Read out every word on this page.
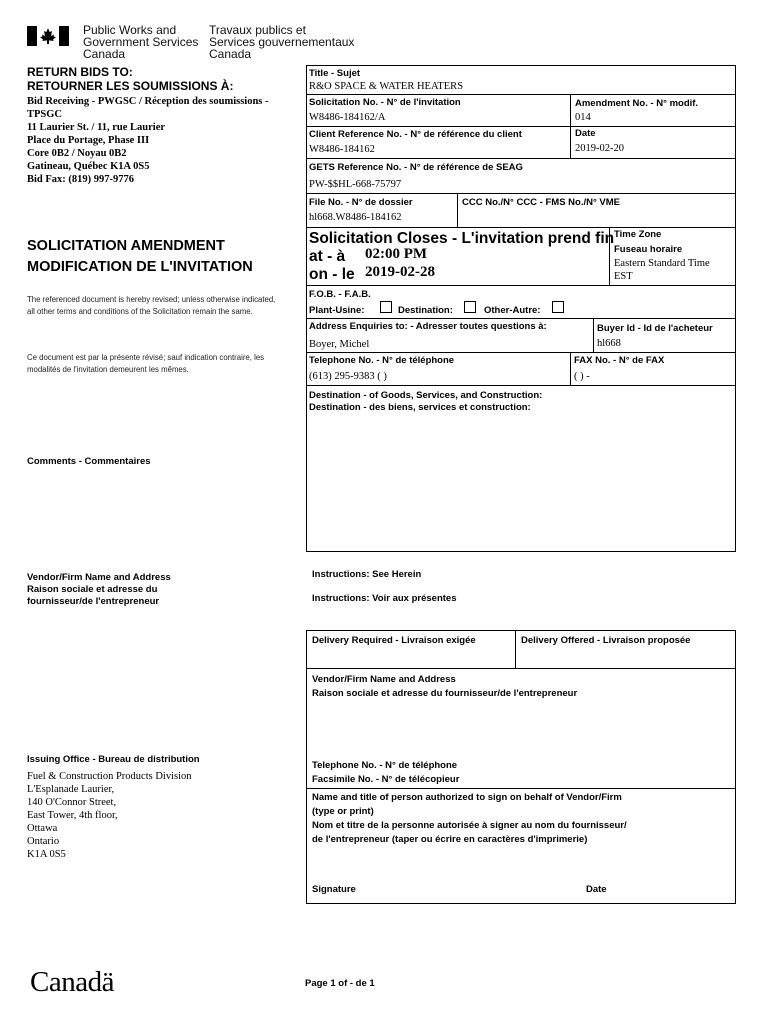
Public Works and
Government Services
Canada
Travaux publics et
Services gouvernementaux
Canada
RETURN BIDS TO:
RETOURNER LES SOUMISSIONS À:
Bid Receiving - PWGSC / Réception des soumissions -
TPSGC
11 Laurier St. / 11, rue Laurier
Place du Portage, Phase III
Core 0B2 / Noyau 0B2
Gatineau, Québec K1A 0S5
Bid Fax: (819) 997-9776
SOLICITATION AMENDMENT
MODIFICATION DE L'INVITATION
The referenced document is hereby revised; unless otherwise indicated, all other terms and conditions of the Solicitation remain the same.
Ce document est par la présente révisé; sauf indication contraire, les modalités de l'invitation demeurent les mêmes.
Comments - Commentaires
Vendor/Firm Name and Address
Raison sociale et adresse du
fournisseur/de l'entrepreneur
Issuing Office - Bureau de distribution
Fuel & Construction Products Division
L'Esplanade Laurier,
140 O'Connor Street,
East Tower, 4th floor,
Ottawa
Ontario
K1A 0S5
Title - Sujet
R&O SPACE & WATER HEATERS
Solicitation No. - N° de l'invitation
W8486-184162/A
Amendment No. - N° modif.
014
Client Reference No. - N° de référence du client
W8486-184162
Date
2019-02-20
GETS Reference No. - N° de référence de SEAG
PW-$$HL-668-75797
File No. - N° de dossier
hl668.W8486-184162
CCC No./N° CCC - FMS No./N° VME
Solicitation Closes - L'invitation prend fin
at - à 02:00 PM
on - le 2019-02-28
Time Zone
Fuseau horaire
Eastern Standard Time
EST
F.O.B. - F.A.B.
Plant-Usine:	Destination:	Other-Autre:
Address Enquiries to: - Adresser toutes questions à:
Boyer, Michel
Buyer Id - Id de l'acheteur
hl668
Telephone No. - N° de téléphone
(613) 295-9383 ( )
FAX No. - N° de FAX
( ) -
Destination - of Goods, Services, and Construction:
Destination - des biens, services et construction:
Instructions: See Herein
Instructions: Voir aux présentes
Delivery Required - Livraison exigée	Delivery Offered - Livraison proposée
Vendor/Firm Name and Address
Raison sociale et adresse du fournisseur/de l'entrepreneur
Telephone No. - N° de téléphone
Facsimile No. - N° de télécopieur
Name and title of person authorized to sign on behalf of Vendor/Firm
(type or print)
Nom et titre de la personne autorisée à signer au nom du fournisseur/
de l'entrepreneur (taper ou écrire en caractères d'imprimerie)
Signature	Date
Canadä	Page 1 of - de 1
